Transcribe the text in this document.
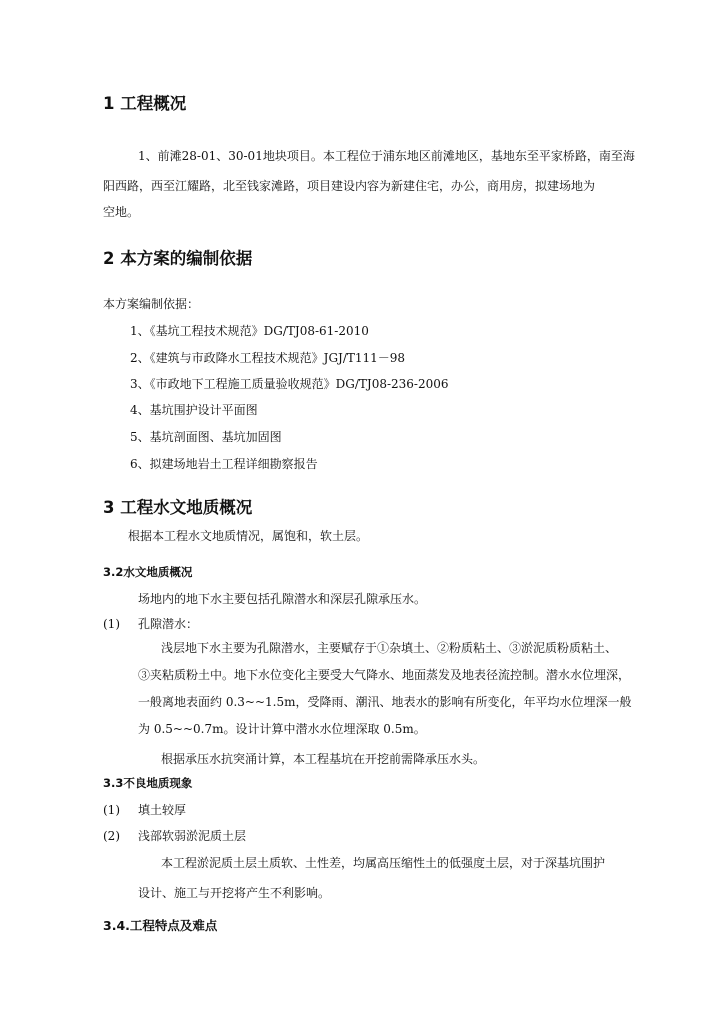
1 工程概况
1、前滩28-01、30-01地块项目。本工程位于浦东地区前滩地区，基地东至平家桥路，南至海
阳西路，西至江耀路，北至钱家滩路，项目建设内容为新建住宅，办公，商用房，拟建场地为
空地。
2 本方案的编制依据
本方案编制依据：
1、《基坑工程技术规范》DG/TJ08-61-2010
2、《建筑与市政降水工程技术规范》JGJ/T111－98
3、《市政地下工程施工质量验收规范》DG/TJ08-236-2006
4、基坑围护设计平面图
5、基坑剖面图、基坑加固图
6、拟建场地岩土工程详细勘察报告
3 工程水文地质概况
根据本工程水文地质情况，属饱和，软土层。
3.2水文地质概况
场地内的地下水主要包括孔隙潜水和深层孔隙承压水。
(1) 孔隙潜水：
浅层地下水主要为孔隙潜水，主要赋存于①杂填土、②粉质粘土、③淤泥质粉质粘土、
③夹粘质粉土中。地下水位变化主要受大气降水、地面蒸发及地表径流控制。潜水水位埋深，
一般离地表面约 0.3~~1.5m，受降雨、潮汛、地表水的影响有所变化，年平均水位埋深一般
为 0.5~~0.7m。设计计算中潜水水位埋深取 0.5m。
根据承压水抗突涌计算，本工程基坑在开挖前需降承压水头。
3.3不良地质现象
(1) 填土较厚
(2) 浅部软弱淤泥质土层
本工程淤泥质土层土质软、土性差，均属高压缩性土的低强度土层，对于深基坑围护
设计、施工与开挖将产生不利影响。
3.4.工程特点及难点
